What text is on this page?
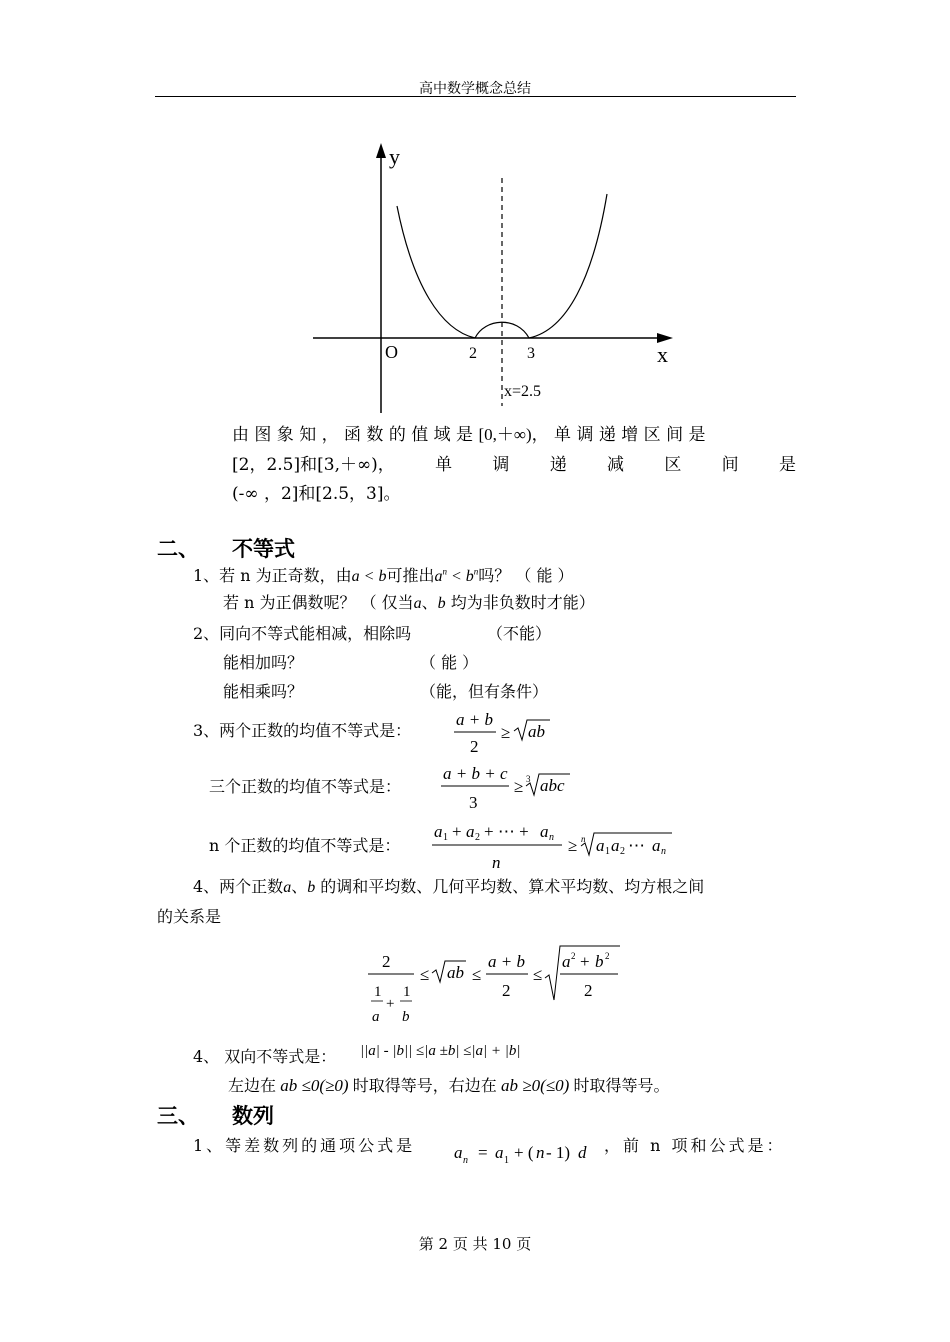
高中数学概念总结
y
x
O	2	3
x=2.5
由 图 象 知 ， 函 数 的 值 域 是 [0,＋∞)， 单 调 递 增 区 间 是
[2，2.5]和[3,＋∞)， 单 调 递 减 区 间 是
(-∞ ，2]和[2.5，3]。
二、 不等式
1、若 n 为正奇数，由a < b可推出$a^n < b^n$吗？ （ 能 ）
若 n 为正偶数呢？ （ 仅当a、b 均为非负数时才能）
2、同向不等式能相减，相除吗	（不能）
能相加吗？	（ 能 ）
能相乘吗？	（能，但有条件）
3、两个正数的均值不等式是：
a + b
2
≥ ab
三个正数的均值不等式是：
a + b + c
3
≥ 3 abc
n 个正数的均值不等式是：
a 1 + a 2 + ⋯ + a n
n
≥ n a 1 a 2 ⋯ a n
4、两个正数a、b 的调和平均数、几何平均数、算术平均数、均方根之间
的关系是
2
1
a
+
1
b
≤ ab ≤
a + b
2
≤
a 2 + b 2
2
4、 双向不等式是： ||a| - |b|| ≤|a ±b| ≤|a| + |b|
左边在 ab ≤0(≥0) 时取得等号，右边在 ab ≥0(≤0) 时取得等号。
三、 数列
1、等差数列的通项公式是 a n = a 1 + ( n - 1) d ，前 n 项和公式是：
第 2 页 共 10 页
